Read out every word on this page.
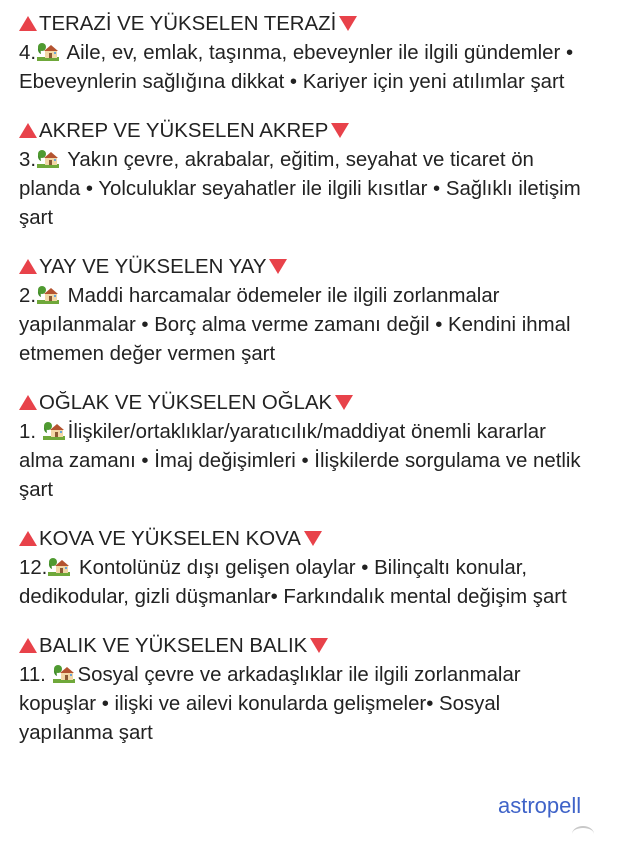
TERAZİ VE YÜKSELEN TERAZİ
4.
Aile, ev, emlak, taşınma, ebeveynler ile ilgili gündemler •
Ebeveynlerin sağlığına dikkat • Kariyer için yeni atılımlar şart
AKREP VE YÜKSELEN AKREP
3.
Yakın çevre, akrabalar, eğitim, seyahat ve ticaret ön
planda • Yolculuklar seyahatler ile ilgili kısıtlar • Sağlıklı iletişim
şart
YAY VE YÜKSELEN YAY
2.
Maddi harcamalar ödemeler ile ilgili zorlanmalar
yapılanmalar • Borç alma verme zamanı değil • Kendini ihmal
etmemen değer vermen şart
OĞLAK VE YÜKSELEN OĞLAK
1.
İlişkiler/ortaklıklar/yaratıcılık/maddiyat önemli kararlar
alma zamanı • İmaj değişimleri • İlişkilerde sorgulama ve netlik
şart
KOVA VE YÜKSELEN KOVA
12.
Kontolünüz dışı gelişen olaylar • Bilinçaltı konular,
dedikodular, gizli düşmanlar• Farkındalık mental değişim şart
BALIK VE YÜKSELEN BALIK
11.
Sosyal çevre ve arkadaşlıklar ile ilgili zorlanmalar
kopuşlar • ilişki ve ailevi konularda gelişmeler• Sosyal
yapılanma şart
astropell
